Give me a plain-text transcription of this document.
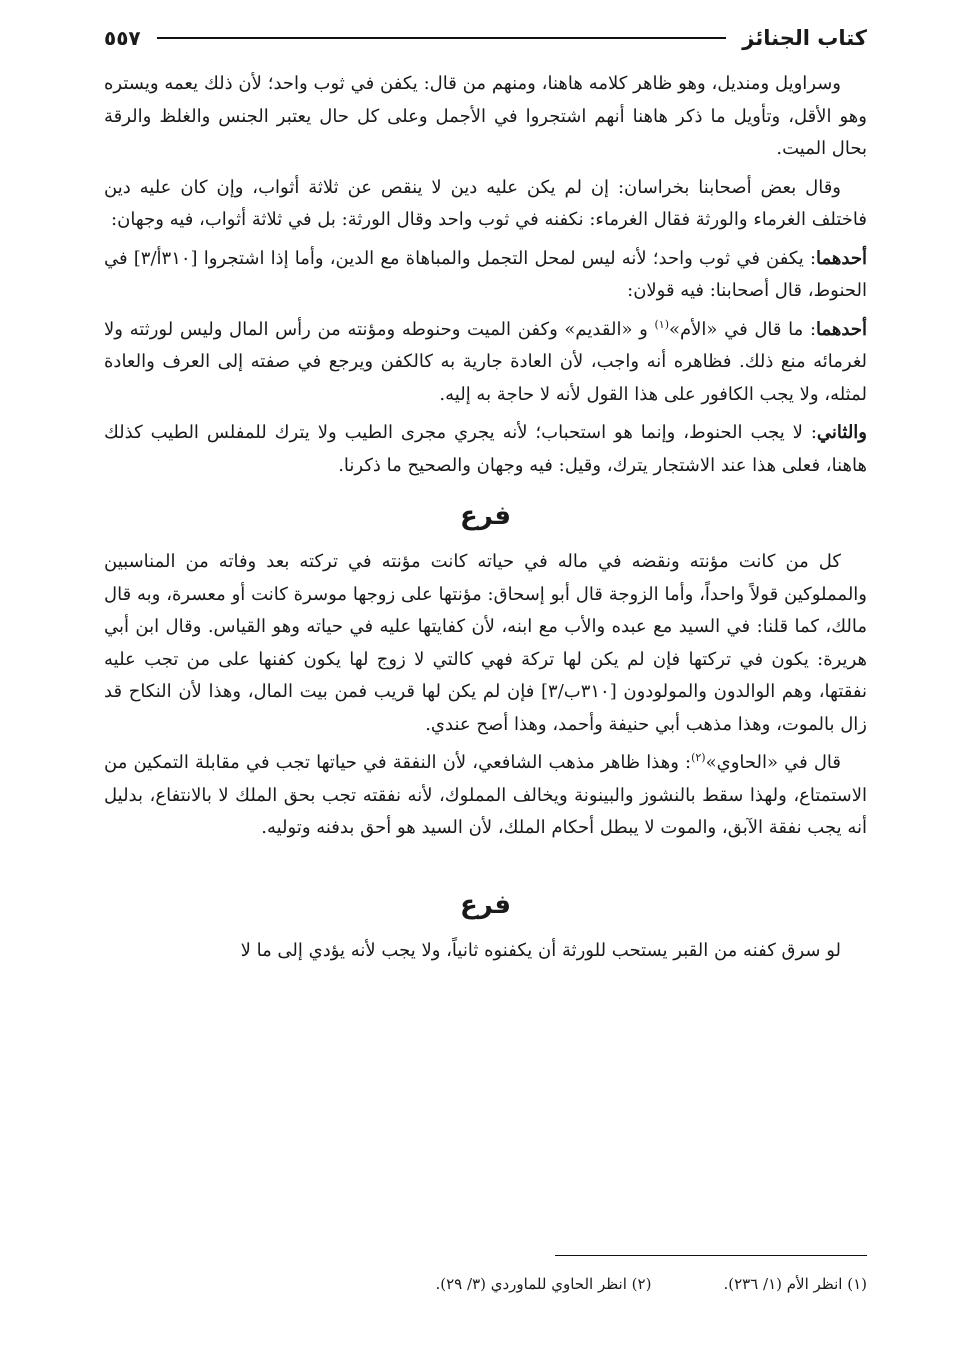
كتاب الجنائز
٥٥٧

وسراويل ومنديل، وهو ظاهر كلامه هاهنا، ومنهم من قال: يكفن في ثوب واحد؛ لأن ذلك يعمه ويستره وهو الأقل، وتأويل ما ذكر هاهنا أنهم اشتجروا في الأجمل وعلى كل حال يعتبر الجنس والغلظ والرقة بحال الميت.

وقال بعض أصحابنا بخراسان: إن لم يكن عليه دين لا ينقص عن ثلاثة أثواب، وإن كان عليه دين فاختلف الغرماء والورثة فقال الغرماء: نكفنه في ثوب واحد وقال الورثة: بل في ثلاثة أثواب، فيه وجهان:

أحدهما: يكفن في ثوب واحد؛ لأنه ليس لمحل التجمل والمباهاة مع الدين، وأما إذا اشتجروا [٣١٠أ/٣] في الحنوط، قال أصحابنا: فيه قولان:

أحدهما: ما قال في «الأم»$^{(١)}$ و «القديم» وكفن الميت وحنوطه ومؤنته من رأس المال وليس لورثته ولا لغرمائه منع ذلك. فظاهره أنه واجب، لأن العادة جارية به كالكفن ويرجع في صفته إلى العرف والعادة لمثله، ولا يجب الكافور على هذا القول لأنه لا حاجة به إليه.

والثاني: لا يجب الحنوط، وإنما هو استحباب؛ لأنه يجري مجرى الطيب ولا يترك للمفلس الطيب كذلك هاهنا، فعلى هذا عند الاشتجار يترك، وقيل: فيه وجهان والصحيح ما ذكرنا.

فرع

كل من كانت مؤنته ونقضه في ماله في حياته كانت مؤنته في تركته بعد وفاته من المناسبين والمملوكين قولاً واحداً، وأما الزوجة قال أبو إسحاق: مؤنتها على زوجها موسرة كانت أو معسرة، وبه قال مالك، كما قلنا: في السيد مع عبده والأب مع ابنه، لأن كفايتها عليه في حياته وهو القياس. وقال ابن أبي هريرة: يكون في تركتها فإن لم يكن لها تركة فهي كالتي لا زوج لها يكون كفنها على من تجب عليه نفقتها، وهم الوالدون والمولودون [٣١٠ب/٣] فإن لم يكن لها قريب فمن بيت المال، وهذا لأن النكاح قد زال بالموت، وهذا مذهب أبي حنيفة وأحمد، وهذا أصح عندي.

قال في «الحاوي»$^{(٢)}$: وهذا ظاهر مذهب الشافعي، لأن النفقة في حياتها تجب في مقابلة التمكين من الاستمتاع، ولهذا سقط بالنشوز والبينونة ويخالف المملوك، لأنه نفقته تجب بحق الملك لا بالانتفاع، بدليل أنه يجب نفقة الآبق، والموت لا يبطل أحكام الملك، لأن السيد هو أحق بدفنه وتوليه.

فرع

لو سرق كفنه من القبر يستحب للورثة أن يكفنوه ثانياً، ولا يجب لأنه يؤدي إلى ما لا

(١) انظر الأم (١/ ٢٣٦).
(٢) انظر الحاوي للماوردي (٣/ ٢٩).
